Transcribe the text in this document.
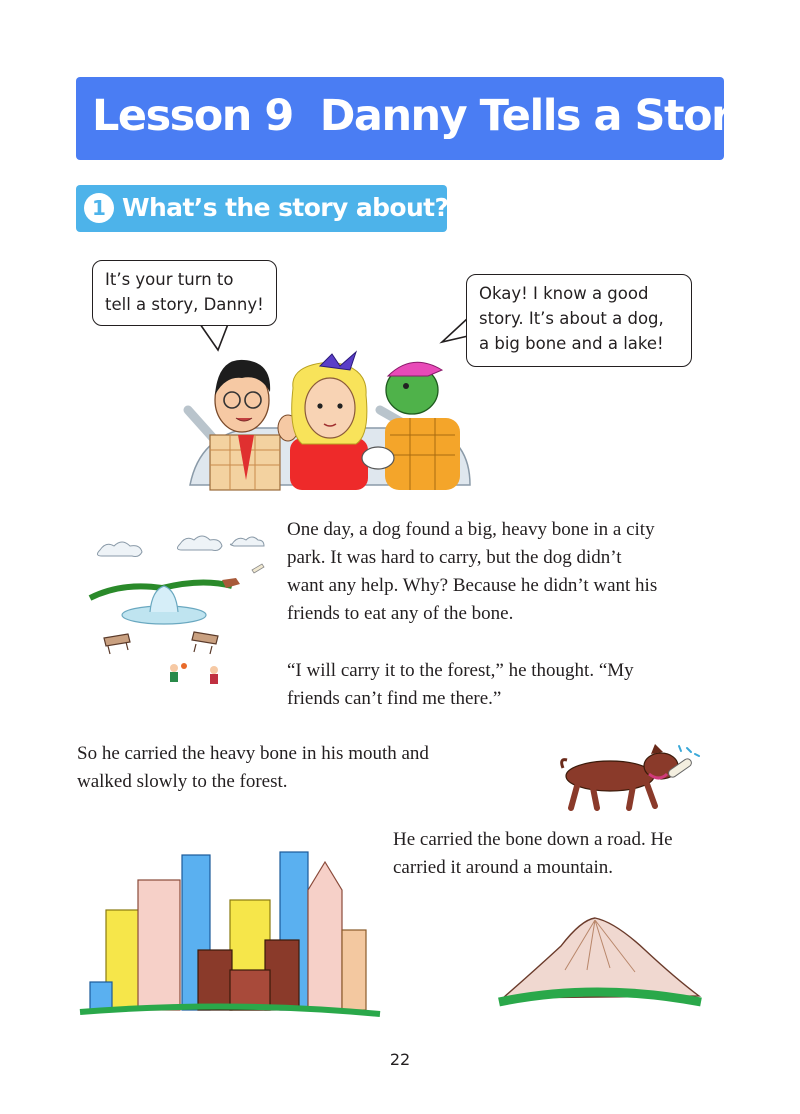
Lesson 9  Danny Tells a Story
1 What’s the story about?
It’s your turn to
tell a story, Danny!
Okay! I know a good
story. It’s about a dog,
a big bone and a lake!
One day, a dog found a big, heavy bone in a city
park. It was hard to carry, but the dog didn’t
want any help. Why? Because he didn’t want his
friends to eat any of the bone.
“I will carry it to the forest,” he thought. “My
friends can’t find me there.”
So he carried the heavy bone in his mouth and
walked slowly to the forest.
He carried the bone down a road. He
carried it around a mountain.
22
